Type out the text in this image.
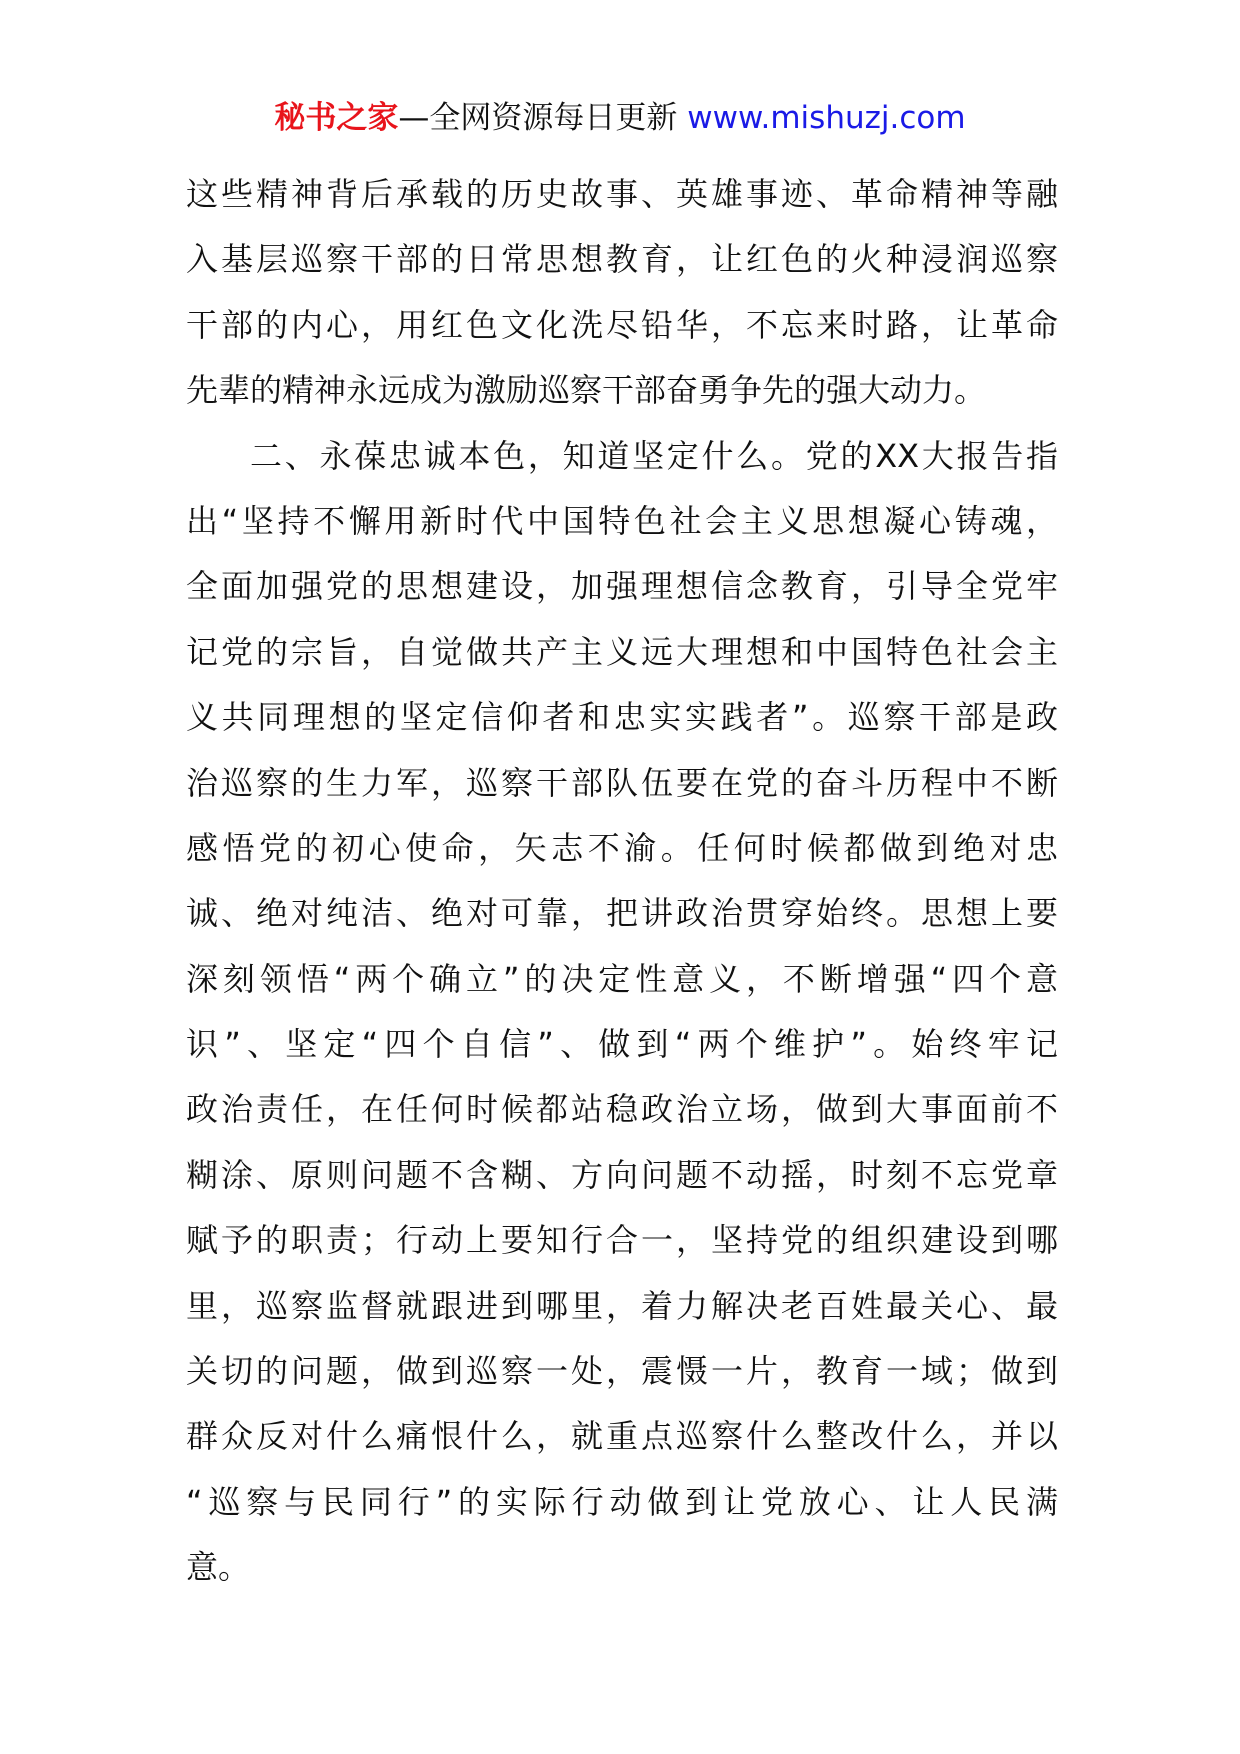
秘书之家—全网资源每日更新 www.mishuzj.com
这些精神背后承载的历史故事、英雄事迹、革命精神等融
入基层巡察干部的日常思想教育，让红色的火种浸润巡察
干部的内心，用红色文化洗尽铅华，不忘来时路，让革命
先辈的精神永远成为激励巡察干部奋勇争先的强大动力。
二、永葆忠诚本色，知道坚定什么。党的XX大报告指
出“坚持不懈用新时代中国特色社会主义思想凝心铸魂，
全面加强党的思想建设，加强理想信念教育，引导全党牢
记党的宗旨，自觉做共产主义远大理想和中国特色社会主
义共同理想的坚定信仰者和忠实实践者”。巡察干部是政
治巡察的生力军，巡察干部队伍要在党的奋斗历程中不断
感悟党的初心使命，矢志不渝。任何时候都做到绝对忠
诚、绝对纯洁、绝对可靠，把讲政治贯穿始终。思想上要
深刻领悟“两个确立”的决定性意义，不断增强“四个意
识”、坚定“四个自信”、做到“两个维护”。始终牢记
政治责任，在任何时候都站稳政治立场，做到大事面前不
糊涂、原则问题不含糊、方向问题不动摇，时刻不忘党章
赋予的职责；行动上要知行合一，坚持党的组织建设到哪
里，巡察监督就跟进到哪里，着力解决老百姓最关心、最
关切的问题，做到巡察一处，震慑一片，教育一域；做到
群众反对什么痛恨什么，就重点巡察什么整改什么，并以
“巡察与民同行”的实际行动做到让党放心、让人民满
意。
